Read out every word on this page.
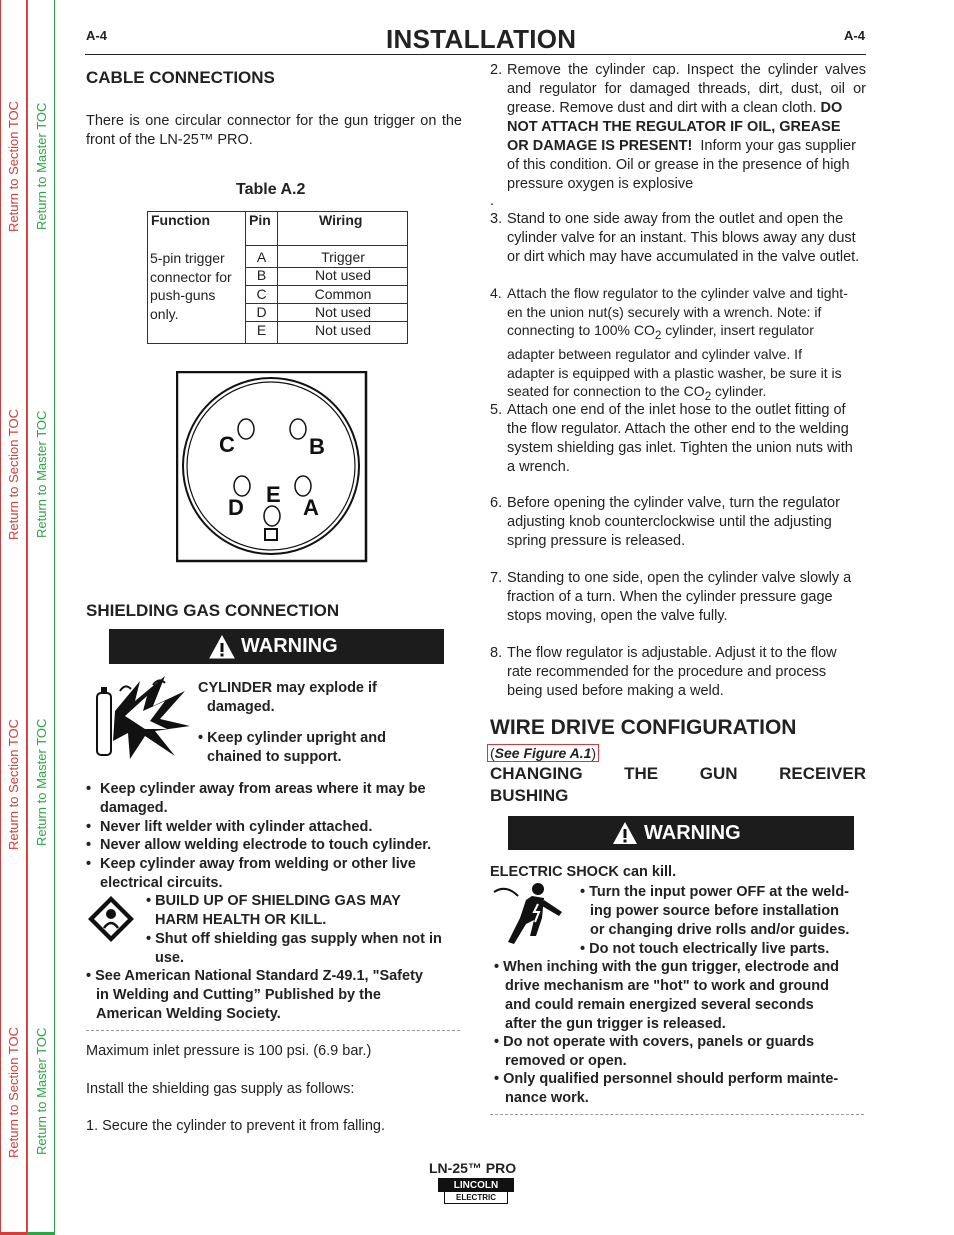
Return to Section TOC
Return to Section TOC
Return to Section TOC
Return to Section TOC
Return to Master TOC
Return to Master TOC
Return to Master TOC
Return to Master TOC
A-4	INSTALLATION	A-4
CABLE CONNECTIONS
There is one circular connector for the gun trigger on the front of the LN-25™ PRO.
Table A.2
Function	Pin	Wiring
5-pin trigger
connector for
push-guns
only.
A	Trigger
B	Not used
C	Common
D	Not used
E	Not used
C	B
E
D	A
SHIELDING GAS CONNECTION
WARNING
CYLINDER may explode if
damaged.
• Keep cylinder upright and
chained to support.
• Keep cylinder away from areas where it may be
damaged.
• Never lift welder with cylinder attached.
• Never allow welding electrode to touch cylinder.
• Keep cylinder away from welding or other live
electrical circuits.
• BUILD UP OF SHIELDING GAS MAY
HARM HEALTH OR KILL.
• Shut off shielding gas supply when not in
use.
• See American National Standard Z-49.1, "Safety
in Welding and Cutting” Published by the
American Welding Society.
Maximum inlet pressure is 100 psi. (6.9 bar.)
Install the shielding gas supply as follows:
1. Secure the cylinder to prevent it from falling.
2. Remove the cylinder cap. Inspect the cylinder valves
and regulator for damaged threads, dirt, dust, oil or
grease. Remove dust and dirt with a clean cloth. DO
NOT ATTACH THE REGULATOR IF OIL, GREASE
OR DAMAGE IS PRESENT! Inform your gas supplier
of this condition. Oil or grease in the presence of high
pressure oxygen is explosive
.
3. Stand to one side away from the outlet and open the
cylinder valve for an instant. This blows away any dust
or dirt which may have accumulated in the valve outlet.
4. Attach the flow regulator to the cylinder valve and tight-
en the union nut(s) securely with a wrench. Note: if
connecting to 100% $CO_2$ cylinder, insert regulator
adapter between regulator and cylinder valve. If
adapter is equipped with a plastic washer, be sure it is
seated for connection to the $CO_2$ cylinder.
5. Attach one end of the inlet hose to the outlet fitting of
the flow regulator. Attach the other end to the welding
system shielding gas inlet. Tighten the union nuts with
a wrench.
6. Before opening the cylinder valve, turn the regulator
adjusting knob counterclockwise until the adjusting
spring pressure is released.
7. Standing to one side, open the cylinder valve slowly a
fraction of a turn. When the cylinder pressure gage
stops moving, open the valve fully.
8. The flow regulator is adjustable. Adjust it to the flow
rate recommended for the procedure and process
being used before making a weld.
WIRE DRIVE CONFIGURATION
(See Figure A.1)
CHANGING THE GUN RECEIVER
BUSHING
WARNING
ELECTRIC SHOCK can kill.
• Turn the input power OFF at the weld-
ing power source before installation
or changing drive rolls and/or guides.
• Do not touch electrically live parts.
• When inching with the gun trigger, electrode and
drive mechanism are "hot" to work and ground
and could remain energized several seconds
after the gun trigger is released.
• Do not operate with covers, panels or guards
removed or open.
• Only qualified personnel should perform mainte-
nance work.
LN-25™ PRO
LINCOLN
ELECTRIC
